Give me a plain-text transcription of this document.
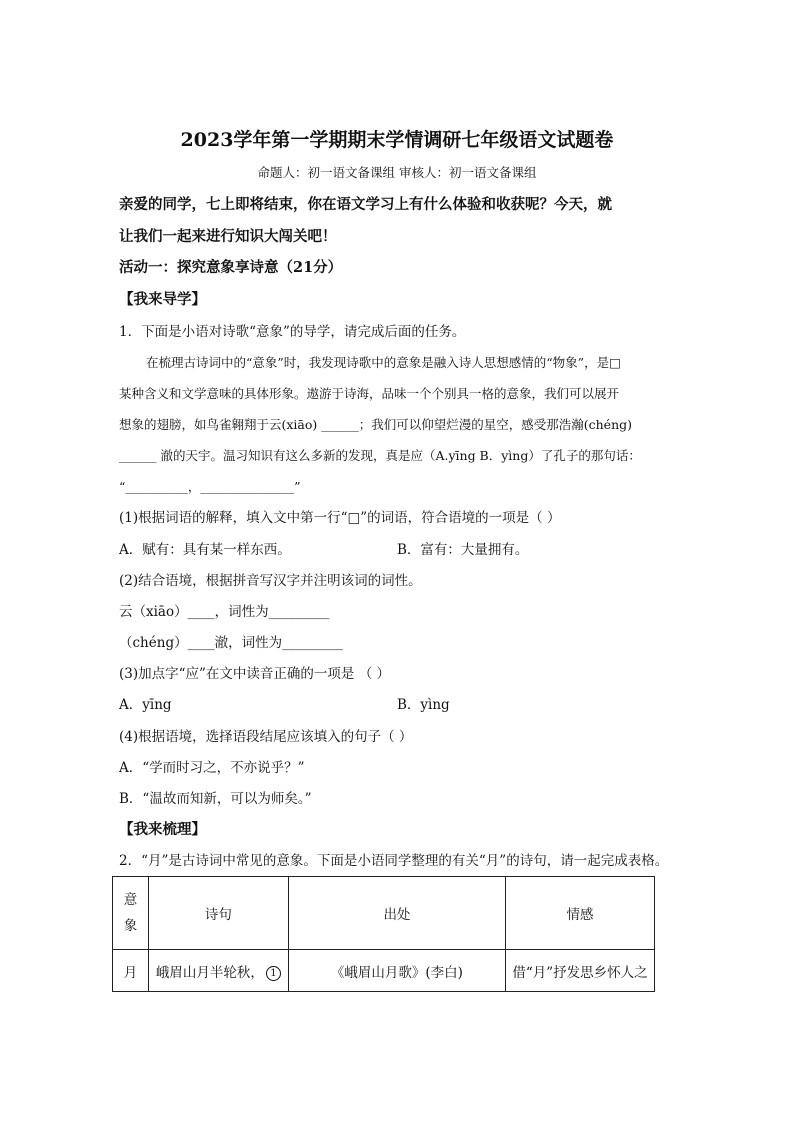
2023学年第一学期期末学情调研七年级语文试题卷
命题人：初一语文备课组 审核人：初一语文备课组
亲爱的同学，七上即将结束，你在语文学习上有什么体验和收获呢？今天，就
让我们一起来进行知识大闯关吧！
活动一：探究意象享诗意（21分）
【我来导学】
1．下面是小语对诗歌“意象”的导学，请完成后面的任务。
在梳理古诗词中的“意象”时，我发现诗歌中的意象是融入诗人思想感情的“物象”，是□
某种含义和文学意味的具体形象。遨游于诗海，品味一个个别具一格的意象，我们可以展开
想象的翅膀，如鸟雀翱翔于云(xiāo) ______；我们可以仰望烂漫的星空，感受那浩瀚(chéng)
______ 澈的天宇。温习知识有这么多新的发现，真是应（A.yīng B．yìng）了孔子的那句话：
“__________，_______________”
(1)根据词语的解释，填入文中第一行“□”的词语，符合语境的一项是（ ）
A．赋有：具有某一样东西。	B．富有：大量拥有。
(2)结合语境，根据拼音写汉字并注明该词的词性。
云（xiāo）____，词性为_________
（chéng）____澈，词性为_________
(3)加点字“应”在文中读音正确的一项是 （ ）
A．yīng	B．yìng
(4)根据语境，选择语段结尾应该填入的句子（ ）
A．“学而时习之，不亦说乎？”
B．“温故而知新，可以为师矣。”
【我来梳理】
2．“月”是古诗词中常见的意象。下面是小语同学整理的有关“月”的诗句，请一起完成表格。
意象	诗句	出处	情感
月	峨眉山月半轮秋， 1	《峨眉山月歌》(李白)	借“月”抒发思乡怀人之
